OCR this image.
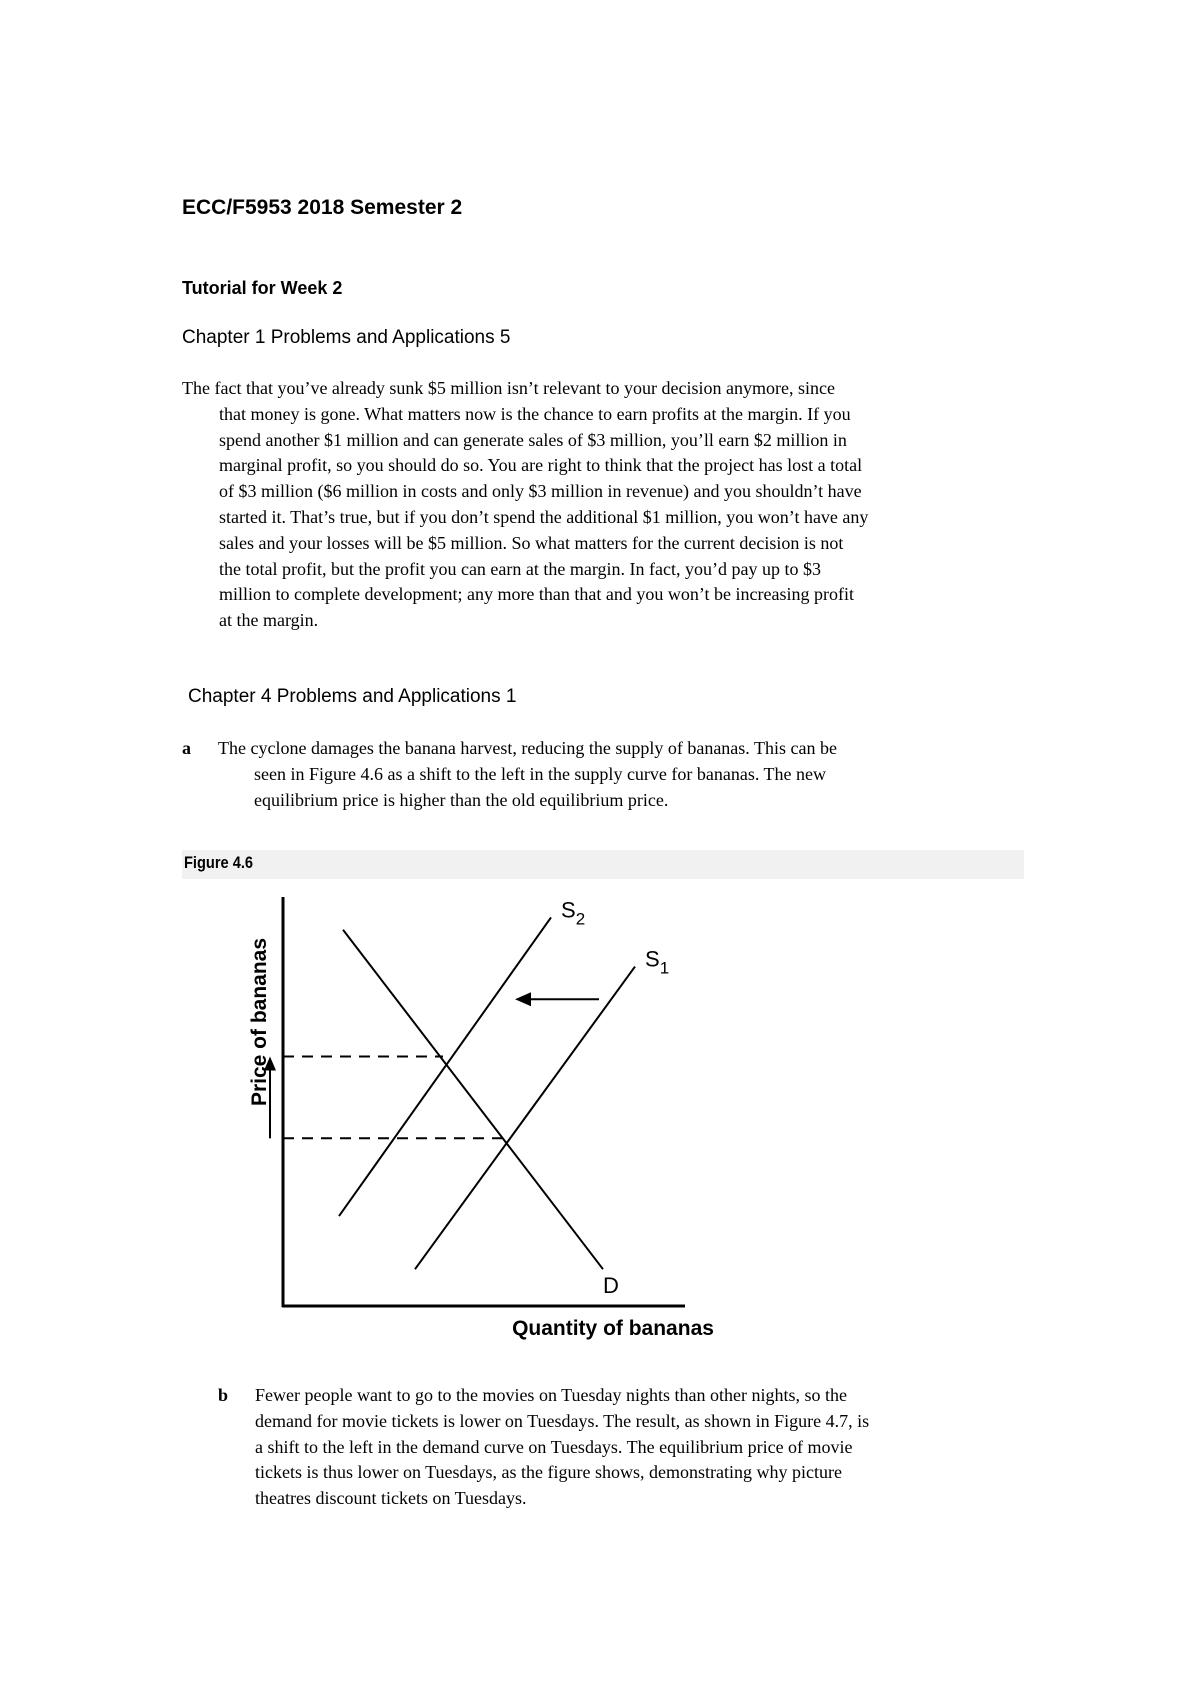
ECC/F5953 2018 Semester 2
Tutorial for Week 2
Chapter 1 Problems and Applications 5
The fact that you’ve already sunk $5 million isn’t relevant to your decision anymore, since
that money is gone. What matters now is the chance to earn profits at the margin. If you
spend another $1 million and can generate sales of $3 million, you’ll earn $2 million in
marginal profit, so you should do so. You are right to think that the project has lost a total
of $3 million ($6 million in costs and only $3 million in revenue) and you shouldn’t have
started it. That’s true, but if you don’t spend the additional $1 million, you won’t have any
sales and your losses will be $5 million. So what matters for the current decision is not
the total profit, but the profit you can earn at the margin. In fact, you’d pay up to $3
million to complete development; any more than that and you won’t be increasing profit
at the margin.
Chapter 4 Problems and Applications 1
a	The cyclone damages the banana harvest, reducing the supply of bananas. This can be
seen in Figure 4.6 as a shift to the left in the supply curve for bananas. The new
equilibrium price is higher than the old equilibrium price.
Figure 4.6
D
$S_1$
$S_2$
Quantity of bananas
Price of bananas
b	Fewer people want to go to the movies on Tuesday nights than other nights, so the
demand for movie tickets is lower on Tuesdays. The result, as shown in Figure 4.7, is
a shift to the left in the demand curve on Tuesdays. The equilibrium price of movie
tickets is thus lower on Tuesdays, as the figure shows, demonstrating why picture
theatres discount tickets on Tuesdays.
